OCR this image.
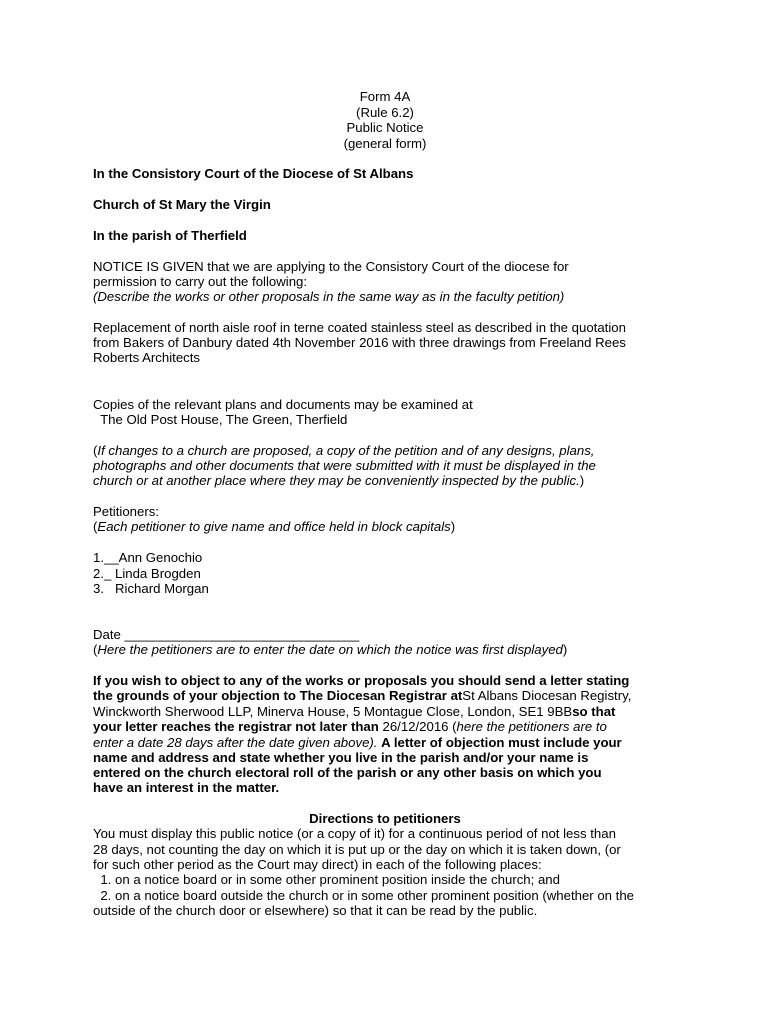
Form 4A
(Rule 6.2)
Public Notice
(general form)
In the Consistory Court of the Diocese of St Albans
Church of St Mary the Virgin
In the parish of Therfield
NOTICE IS GIVEN that we are applying to the Consistory Court of the diocese for
permission to carry out the following:
(Describe the works or other proposals in the same way as in the faculty petition)
Replacement of north aisle roof in terne coated stainless steel as described in the quotation
from Bakers of Danbury dated 4th November 2016 with three drawings from Freeland Rees
Roberts Architects
Copies of the relevant plans and documents may be examined at
The Old Post House, The Green, Therfield
(If changes to a church are proposed, a copy of the petition and of any designs, plans,
photographs and other documents that were submitted with it must be displayed in the
church or at another place where they may be conveniently inspected by the public.)
Petitioners:
(Each petitioner to give name and office held in block capitals)
1.__Ann Genochio
2._ Linda Brogden
3.   Richard Morgan
Date ________________________________
(Here the petitioners are to enter the date on which the notice was first displayed)
If you wish to object to any of the works or proposals you should send a letter stating
the grounds of your objection to The Diocesan Registrar atSt Albans Diocesan Registry,
Winckworth Sherwood LLP, Minerva House, 5 Montague Close, London, SE1 9BBso that
your letter reaches the registrar not later than 26/12/2016 (here the petitioners are to
enter a date 28 days after the date given above). A letter of objection must include your
name and address and state whether you live in the parish and/or your name is
entered on the church electoral roll of the parish or any other basis on which you
have an interest in the matter.
Directions to petitioners
You must display this public notice (or a copy of it) for a continuous period of not less than
28 days, not counting the day on which it is put up or the day on which it is taken down, (or
for such other period as the Court may direct) in each of the following places:
1. on a notice board or in some other prominent position inside the church; and
2. on a notice board outside the church or in some other prominent position (whether on the
outside of the church door or elsewhere) so that it can be read by the public.
